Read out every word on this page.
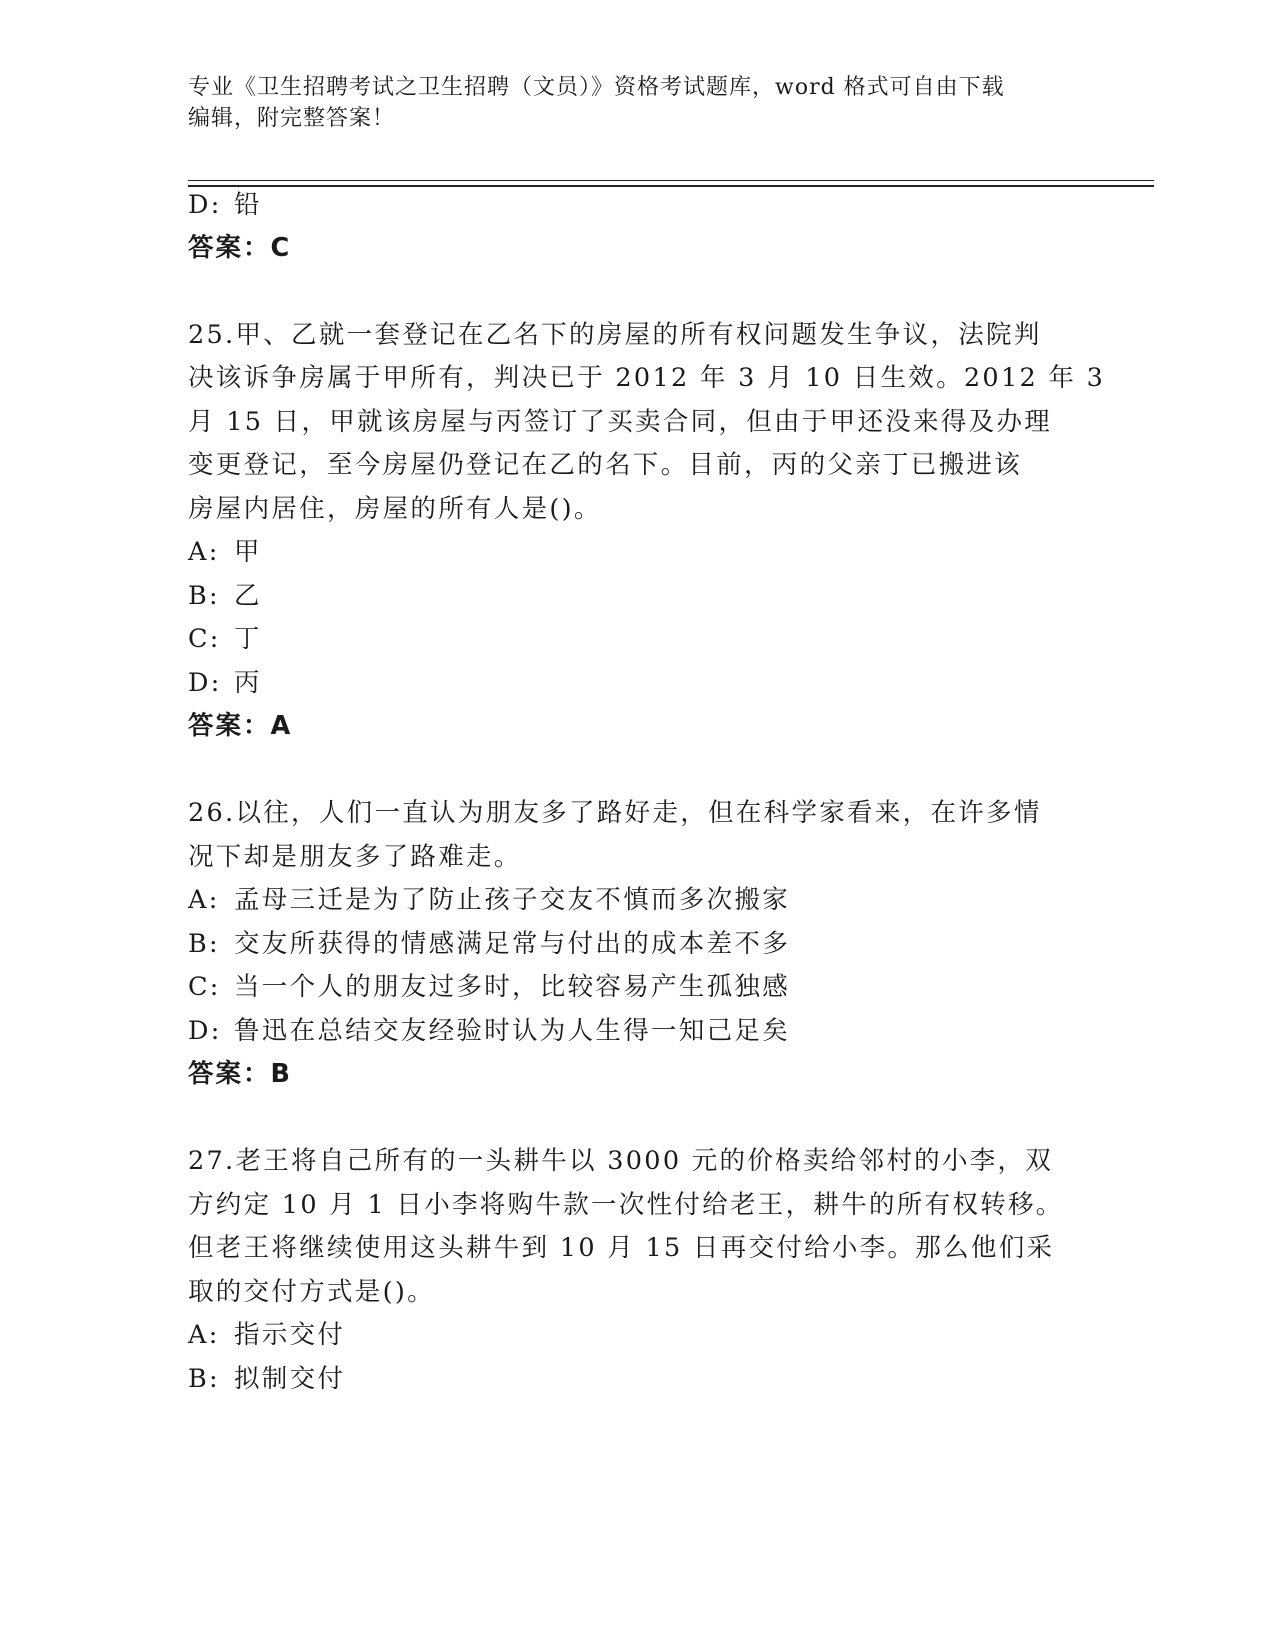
专业《卫生招聘考试之卫生招聘（文员）》资格考试题库，word 格式可自由下载
编辑，附完整答案！
D: 铅
答案：C
25.甲、乙就一套登记在乙名下的房屋的所有权问题发生争议，法院判
决该诉争房属于甲所有，判决已于 2012 年 3 月 10 日生效。2012 年 3
月 15 日，甲就该房屋与丙签订了买卖合同，但由于甲还没来得及办理
变更登记，至今房屋仍登记在乙的名下。目前，丙的父亲丁已搬进该
房屋内居住，房屋的所有人是()。
A: 甲
B: 乙
C: 丁
D: 丙
答案：A
26.以往，人们一直认为朋友多了路好走，但在科学家看来，在许多情
况下却是朋友多了路难走。
A: 孟母三迁是为了防止孩子交友不慎而多次搬家
B: 交友所获得的情感满足常与付出的成本差不多
C: 当一个人的朋友过多时，比较容易产生孤独感
D: 鲁迅在总结交友经验时认为人生得一知己足矣
答案：B
27.老王将自己所有的一头耕牛以 3000 元的价格卖给邻村的小李，双
方约定 10 月 1 日小李将购牛款一次性付给老王，耕牛的所有权转移。
但老王将继续使用这头耕牛到 10 月 15 日再交付给小李。那么他们采
取的交付方式是()。
A: 指示交付
B: 拟制交付
